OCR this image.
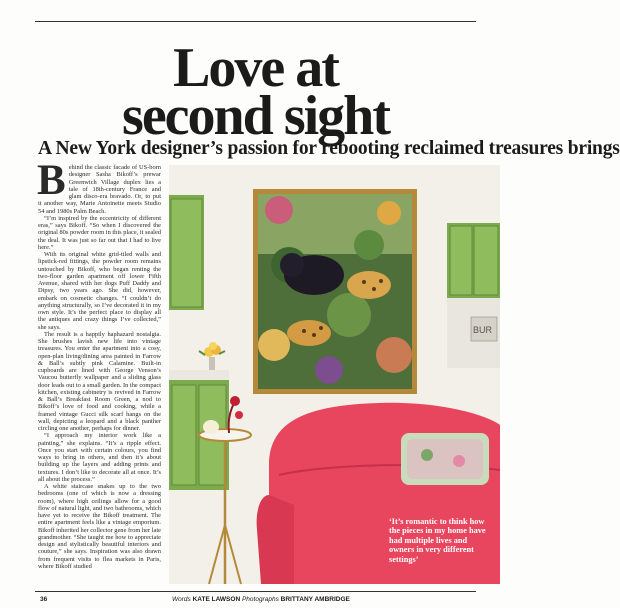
Love at
second sight
A New York designer’s passion for rebooting reclaimed treasures brings

Behind the classic facade of US-born designer Sasha Bikoff’s prewar Greenwich Village duplex lies a tale of 18th-century France and glam disco-era bravado. Or, to put it another way, Marie Antoinette meets Studio 54 and 1980s Palm Beach.

“I’m inspired by the eccentricity of different eras,” says Bikoff. “So when I discovered the original 80s powder room in this place, it sealed the deal. It was just so far out that I had to live here.”

With its original white grid-tiled walls and lipstick-red fittings, the powder room remains untouched by Bikoff, who began renting the two-floor garden apartment off lower Fifth Avenue, shared with her dogs Puff Daddy and Dipsy, two years ago. She did, however, embark on cosmetic changes. “I couldn’t do anything structurally, so I’ve decorated it in my own style. It’s the perfect place to display all the antiques and crazy things I’ve collected,” she says.

The result is a happily haphazard nostalgia. She brushes lavish new life into vintage treasures. You enter the apartment into a cosy, open-plan living/dining area painted in Farrow & Ball’s subtly pink Calamine. Built-in cupboards are lined with George Venson’s Vaucou butterfly wallpaper and a sliding glass door leads out to a small garden. In the compact kitchen, existing cabinetry is revived in Farrow & Ball’s Breakfast Room Green, a nod to Bikoff’s love of food and cooking, while a framed vintage Gucci silk scarf hangs on the wall, depicting a leopard and a black panther circling one another, perhaps for dinner.

“I approach my interior work like a painting,” she explains. “It’s a ripple effect. Once you start with certain colours, you find ways to bring in others, and then it’s about building up the layers and adding prints and textures. I don’t like to decorate all at once. It’s all about the process.”

A white staircase snakes up to the two bedrooms (one of which is now a dressing room), where high ceilings allow for a good flow of natural light, and two bathrooms, which have yet to receive the Bikoff treatment. The entire apartment feels like a vintage emporium. Bikoff inherited her collector gene from her late grandmother. “She taught me how to appreciate design and stylistically beautiful interiors and couture,” she says. Inspiration was also drawn from frequent visits to flea markets in Paris, where Bikoff studied

BUR
‘It’s romantic to think how the pieces in my home have had multiple lives and owners in very different settings’
36	Words KATE LAWSON Photographs BRITTANY AMBRIDGE
